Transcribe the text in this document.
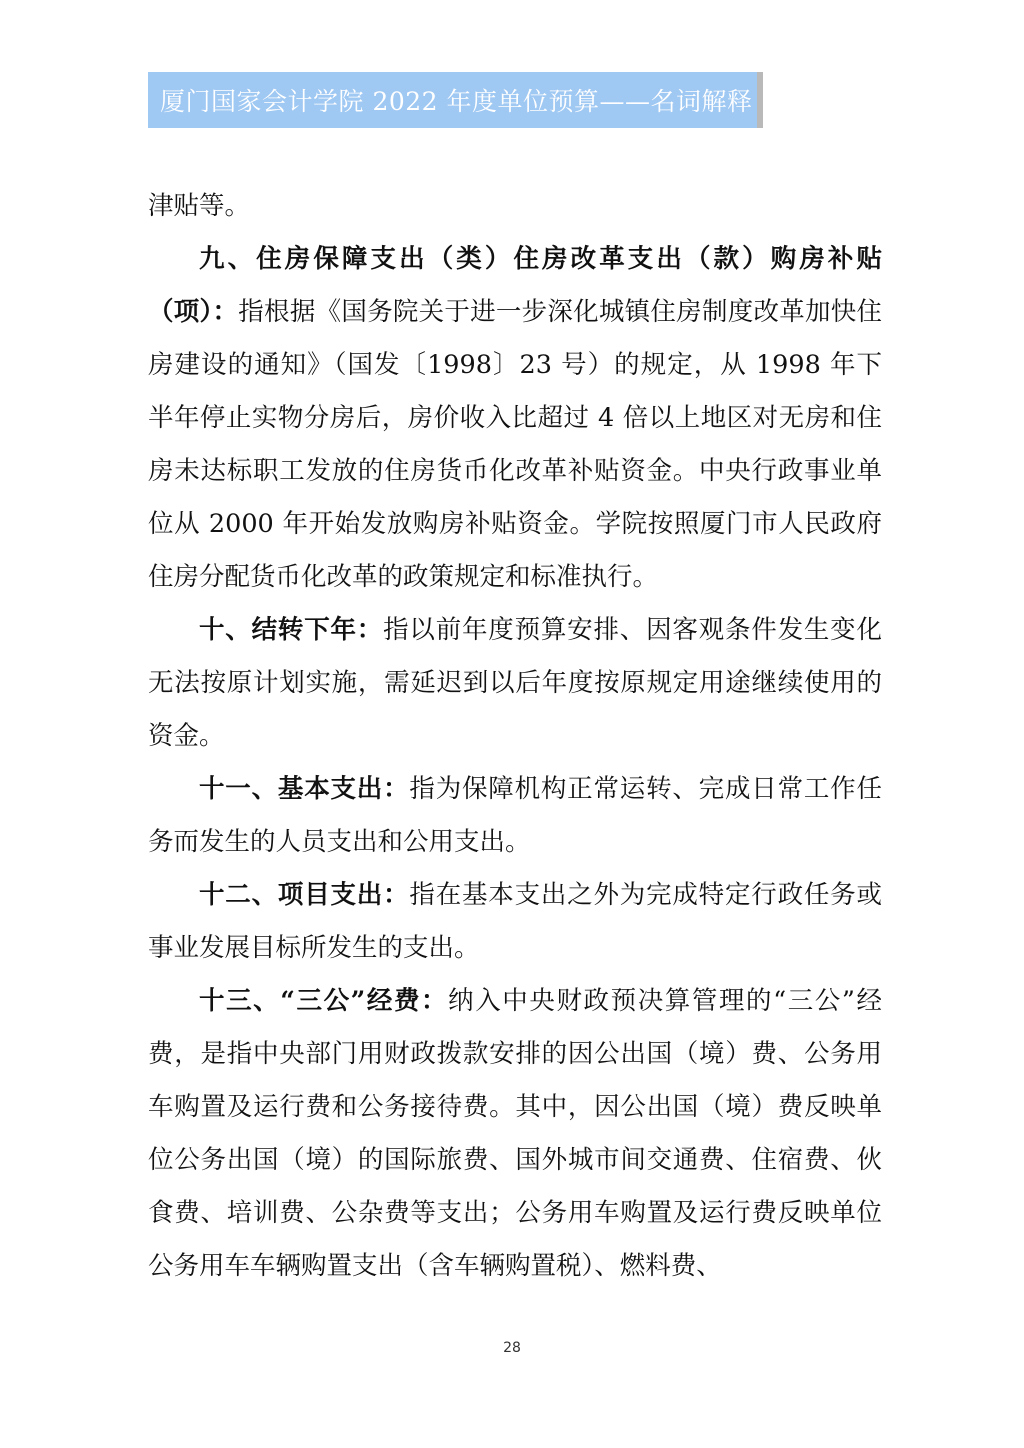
厦门国家会计学院 2022 年度单位预算——名词解释

津贴等。

九、住房保障支出（类）住房改革支出（款）购房补贴（项）：指根据《国务院关于进一步深化城镇住房制度改革加快住房建设的通知》（国发〔1998〕23 号）的规定，从 1998 年下半年停止实物分房后，房价收入比超过 4 倍以上地区对无房和住房未达标职工发放的住房货币化改革补贴资金。中央行政事业单位从 2000 年开始发放购房补贴资金。学院按照厦门市人民政府住房分配货币化改革的政策规定和标准执行。

十、结转下年：指以前年度预算安排、因客观条件发生变化无法按原计划实施，需延迟到以后年度按原规定用途继续使用的资金。

十一、基本支出：指为保障机构正常运转、完成日常工作任务而发生的人员支出和公用支出。

十二、项目支出：指在基本支出之外为完成特定行政任务或事业发展目标所发生的支出。

十三、“三公”经费：纳入中央财政预决算管理的“三公”经费，是指中央部门用财政拨款安排的因公出国（境）费、公务用车购置及运行费和公务接待费。其中，因公出国（境）费反映单位公务出国（境）的国际旅费、国外城市间交通费、住宿费、伙食费、培训费、公杂费等支出；公务用车购置及运行费反映单位公务用车车辆购置支出（含车辆购置税）、燃料费、

28
